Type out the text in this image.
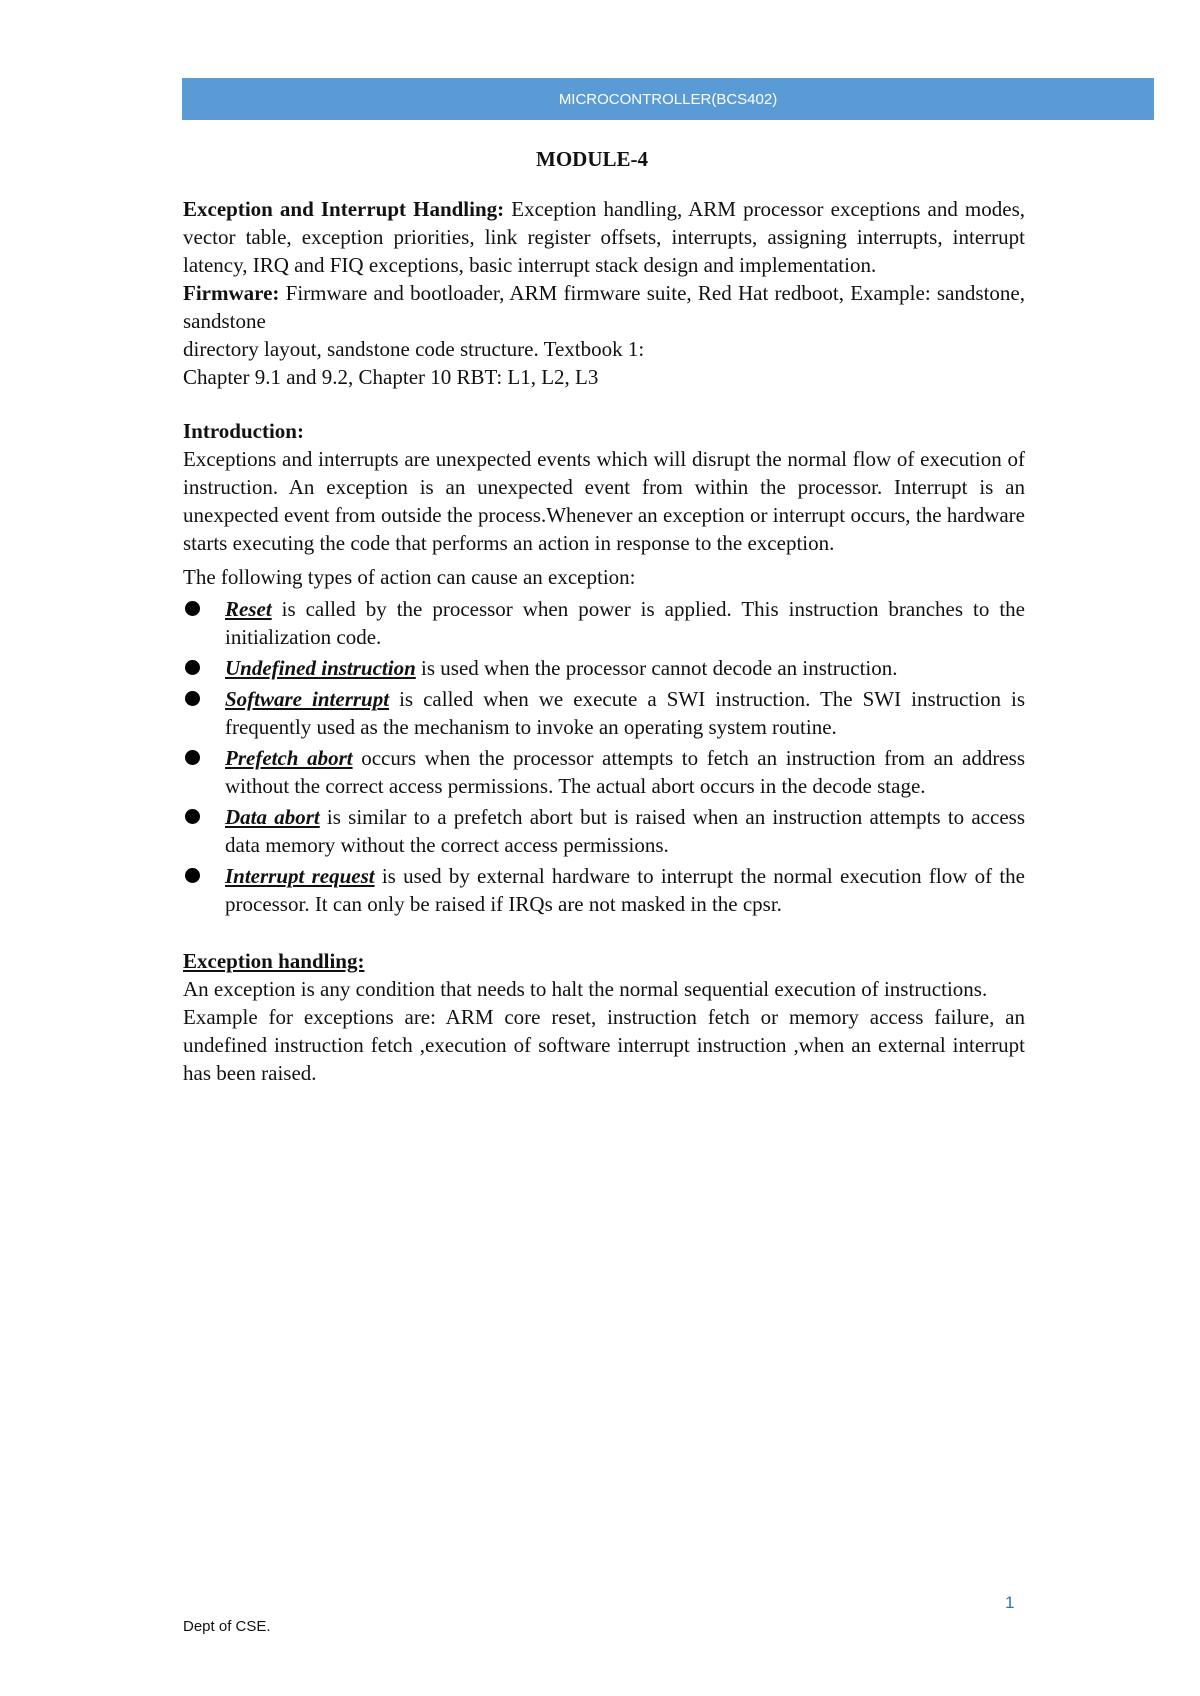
MICROCONTROLLER(BCS402)

MODULE-4

Exception and Interrupt Handling: Exception handling, ARM processor exceptions and modes, vector table, exception priorities, link register offsets, interrupts, assigning interrupts, interrupt latency, IRQ and FIQ exceptions, basic interrupt stack design and implementation.

Firmware: Firmware and bootloader, ARM firmware suite, Red Hat redboot, Example: sandstone, sandstone

directory layout, sandstone code structure. Textbook 1:

Chapter 9.1 and 9.2, Chapter 10 RBT: L1, L2, L3

Introduction:

Exceptions and interrupts are unexpected events which will disrupt the normal flow of execution of instruction. An exception is an unexpected event from within the processor. Interrupt is an unexpected event from outside the process.Whenever an exception or interrupt occurs, the hardware starts executing the code that performs an action in response to the exception.

The following types of action can cause an exception:

Reset is called by the processor when power is applied. This instruction branches to the initialization code.
Undefined instruction is used when the processor cannot decode an instruction.
Software interrupt is called when we execute a SWI instruction. The SWI instruction is frequently used as the mechanism to invoke an operating system routine.
Prefetch abort occurs when the processor attempts to fetch an instruction from an address without the correct access permissions. The actual abort occurs in the decode stage.
Data abort is similar to a prefetch abort but is raised when an instruction attempts to access data memory without the correct access permissions.
Interrupt request is used by external hardware to interrupt the normal execution flow of the processor. It can only be raised if IRQs are not masked in the cpsr.

Exception handling:

An exception is any condition that needs to halt the normal sequential execution of instructions.

Example for exceptions are: ARM core reset, instruction fetch or memory access failure, an undefined instruction fetch ,execution of software interrupt instruction ,when an external interrupt has been raised.

1
Dept of CSE.
